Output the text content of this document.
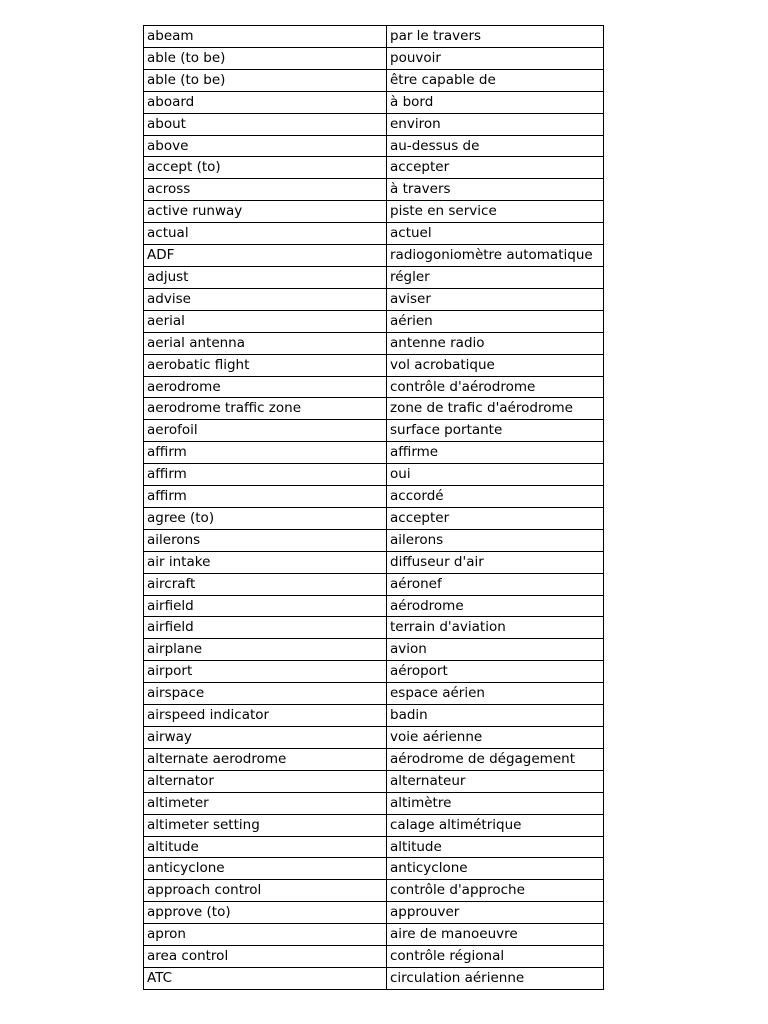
abeam	par le travers
able (to be)	pouvoir
able (to be)	être capable de
aboard	à bord
about	environ
above	au-dessus de
accept (to)	accepter
across	à travers
active runway	piste en service
actual	actuel
ADF	radiogoniomètre automatique
adjust	régler
advise	aviser
aerial	aérien
aerial antenna	antenne radio
aerobatic flight	vol acrobatique
aerodrome	contrôle d'aérodrome
aerodrome traffic zone	zone de trafic d'aérodrome
aerofoil	surface portante
affirm	affirme
affirm	oui
affirm	accordé
agree (to)	accepter
ailerons	ailerons
air intake	diffuseur d'air
aircraft	aéronef
airfield	aérodrome
airfield	terrain d'aviation
airplane	avion
airport	aéroport
airspace	espace aérien
airspeed indicator	badin
airway	voie aérienne
alternate aerodrome	aérodrome de dégagement
alternator	alternateur
altimeter	altimètre
altimeter setting	calage altimétrique
altitude	altitude
anticyclone	anticyclone
approach control	contrôle d'approche
approve (to)	approuver
apron	aire de manoeuvre
area control	contrôle régional
ATC	circulation aérienne
